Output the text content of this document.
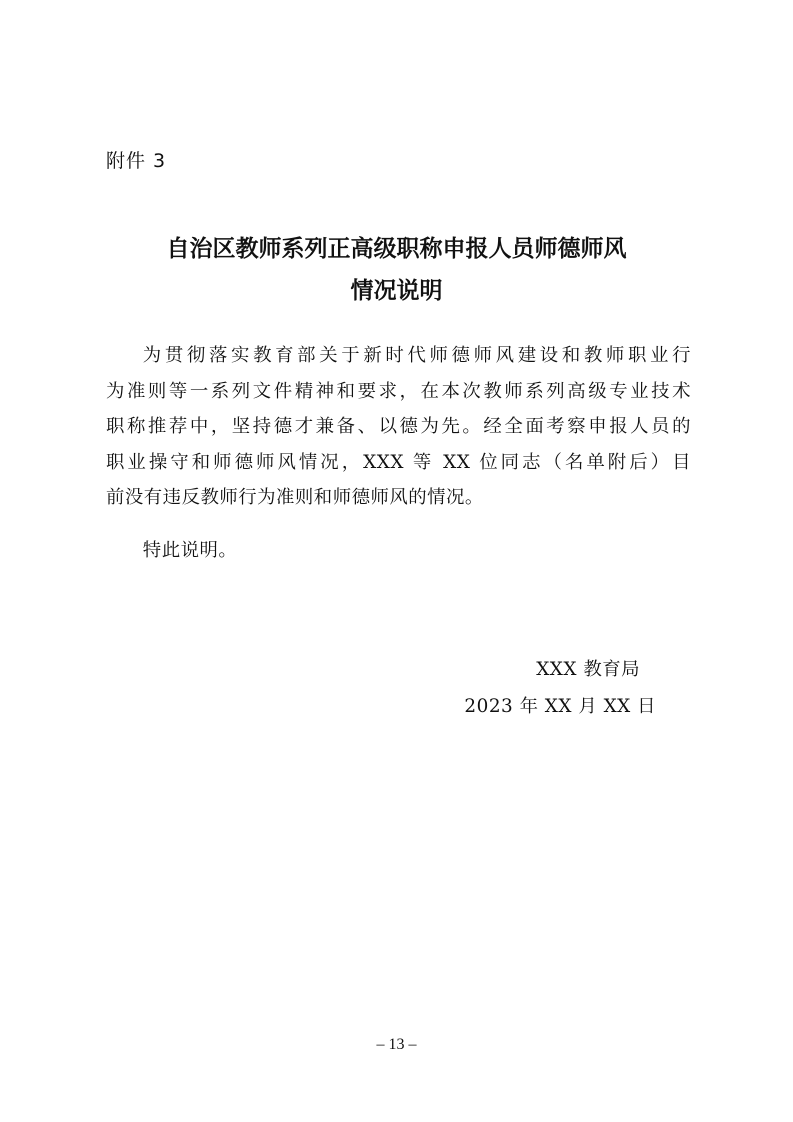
附件 3
自治区教师系列正高级职称申报人员师德师风
情况说明
为贯彻落实教育部关于新时代师德师风建设和教师职业行
为准则等一系列文件精神和要求，在本次教师系列高级专业技术
职称推荐中，坚持德才兼备、以德为先。经全面考察申报人员的
职业操守和师德师风情况，XXX 等 XX 位同志（名单附后）目
前没有违反教师行为准则和师德师风的情况。
特此说明。
XXX 教育局
2023 年 XX 月 XX 日
– 13 –
